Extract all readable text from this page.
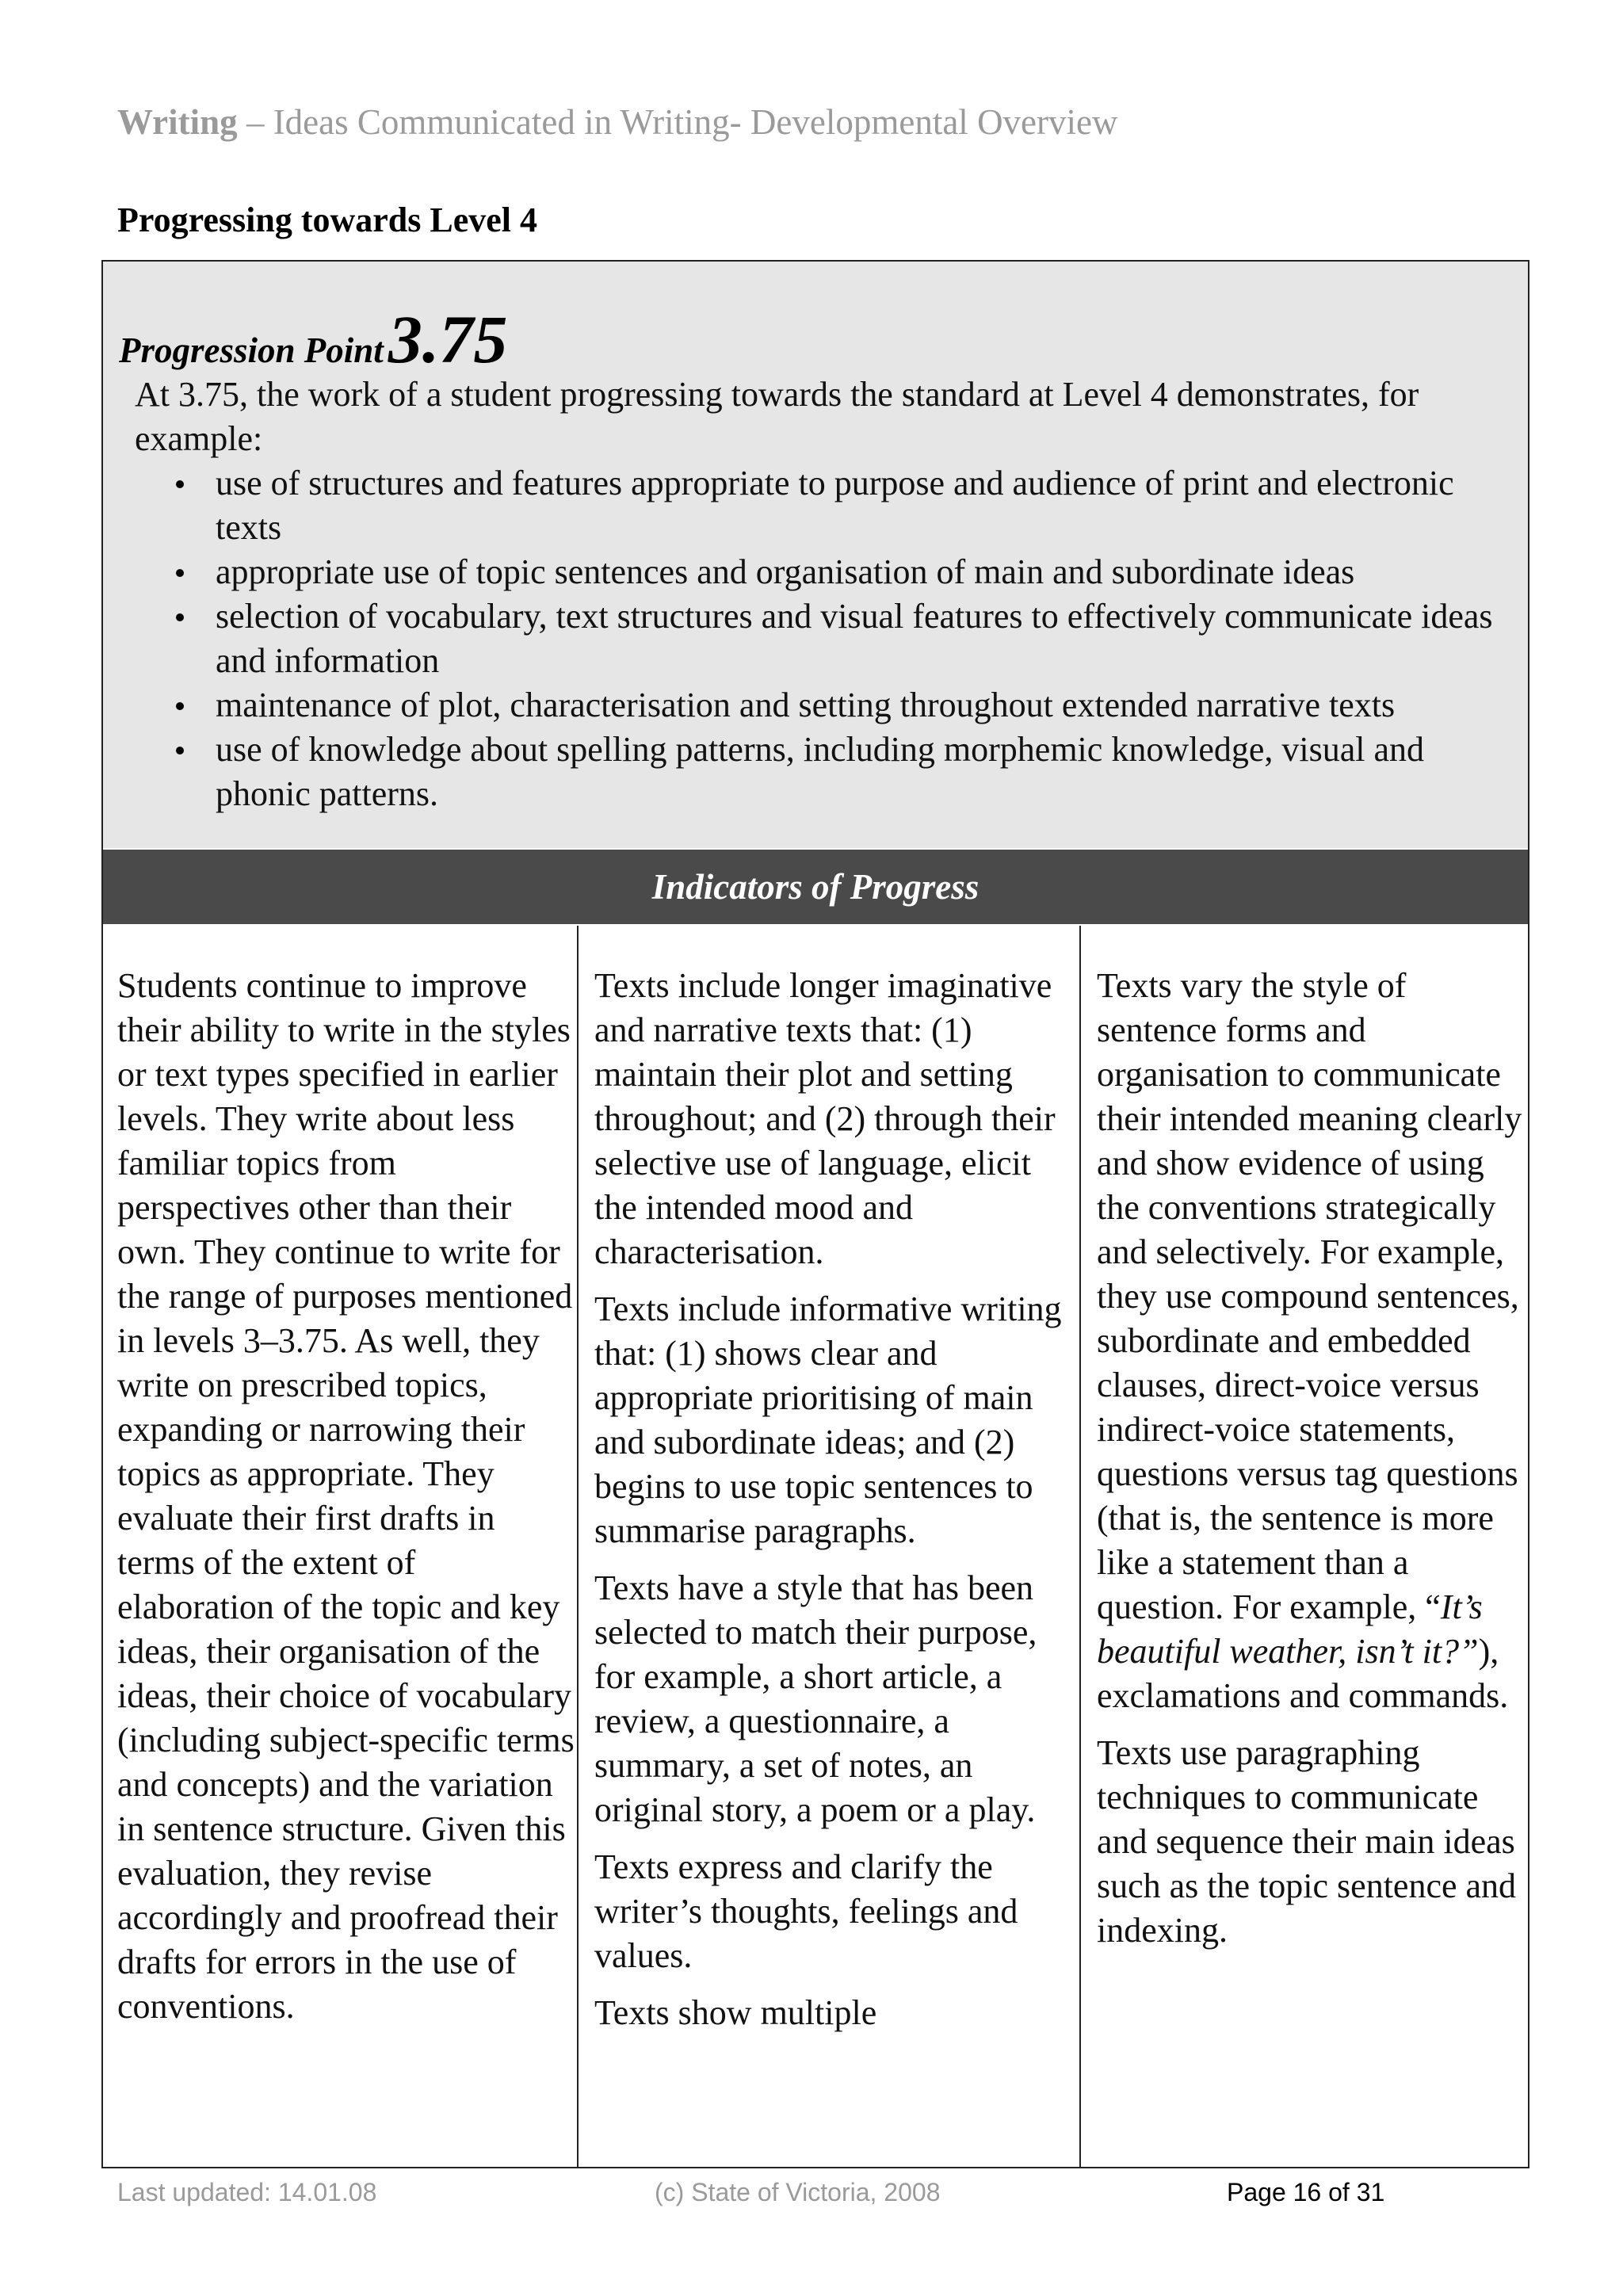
Writing – Ideas Communicated in Writing- Developmental Overview
Progressing towards Level 4
Progression Point3.75
At 3.75, the work of a student progressing towards the standard at Level 4 demonstrates, for example:
use of structures and features appropriate to purpose and audience of print and electronic texts
appropriate use of topic sentences and organisation of main and subordinate ideas
selection of vocabulary, text structures and visual features to effectively communicate ideas and information
maintenance of plot, characterisation and setting throughout extended narrative texts
use of knowledge about spelling patterns, including morphemic knowledge, visual and phonic patterns.
Indicators of Progress

Students continue to improve their ability to write in the styles or text types specified in earlier levels. They write about less familiar topics from perspectives other than their own. They continue to write for the range of purposes mentioned in levels 3–3.75. As well, they write on prescribed topics, expanding or narrowing their topics as appropriate. They evaluate their first drafts in terms of the extent of elaboration of the topic and key ideas, their organisation of the ideas, their choice of vocabulary (including subject-specific terms and concepts) and the variation in sentence structure. Given this evaluation, they revise accordingly and proofread their drafts for errors in the use of conventions.

Texts include longer imaginative and narrative texts that: (1) maintain their plot and setting throughout; and (2) through their selective use of language, elicit the intended mood and characterisation.

Texts include informative writing that: (1) shows clear and appropriate prioritising of main and subordinate ideas; and (2) begins to use topic sentences to summarise paragraphs.

Texts have a style that has been selected to match their purpose, for example, a short article, a review, a questionnaire, a summary, a set of notes, an original story, a poem or a play.

Texts express and clarify the writer’s thoughts, feelings and values.

Texts show multiple

Texts vary the style of sentence forms and organisation to communicate their intended meaning clearly and show evidence of using the conventions strategically and selectively. For example, they use compound sentences, subordinate and embedded clauses, direct-voice versus indirect-voice statements, questions versus tag questions (that is, the sentence is more like a statement than a question. For example, “It’s beautiful weather, isn’t it?”), exclamations and commands.

Texts use paragraphing techniques to communicate and sequence their main ideas such as the topic sentence and indexing.

Last updated: 14.01.08	(c) State of Victoria, 2008	Page 16 of 31
